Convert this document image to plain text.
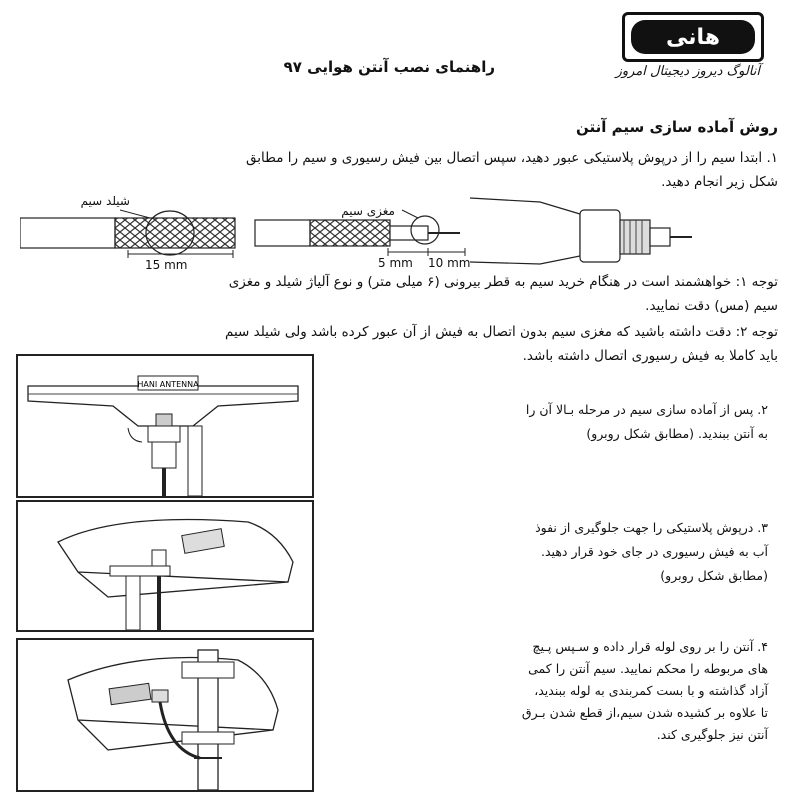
هانی
آنالوگ دیروز دیجیتال امروز
راهنمای نصب آنتن هوایی ۹۷
روش آماده سازی سیم آنتن
۱. ابتدا سیم را از درپوش پلاستیکی عبور دهید، سپس اتصال بین فیش رسیوری و سیم را مطابق
شکل زیر انجام دهید.
شیلد سیم
مغزی سیم
15 mm	5 mm 10 mm
توجه ۱: خواهشمند است در هنگام خرید سیم به قطر بیرونی (۶ میلی متر) و نوع آلیاژ شیلد و مغزی
سیم (مس) دقت نمایید.
توجه ۲: دقت داشته باشید که مغزی سیم بدون اتصال به فیش از آن عبور کرده باشد ولی شیلد سیم
باید کاملا به فیش رسیوری اتصال داشته باشد.
HANI ANTENNA
۲. پس از آماده سازی سیم در مرحله بـالا آن را
به آنتن ببندید. (مطابق شکل روبرو)
۳. درپوش پلاستیکی را جهت جلوگیری از نفوذ
آب به فیش رسیوری در جای خود قرار دهید.
(مطابق شکل روبرو)
۴. آنتن را بر روی لوله قرار داده و سـپس پـیچ
های مربوطه را محکم نمایید. سیم آنتن را کمی
آزاد گذاشته و با بست کمربندی به لوله ببندید،
تا علاوه بر کشیده شدن سیم،از قطع شدن بـرق
آنتن نیز جلوگیری کند.
